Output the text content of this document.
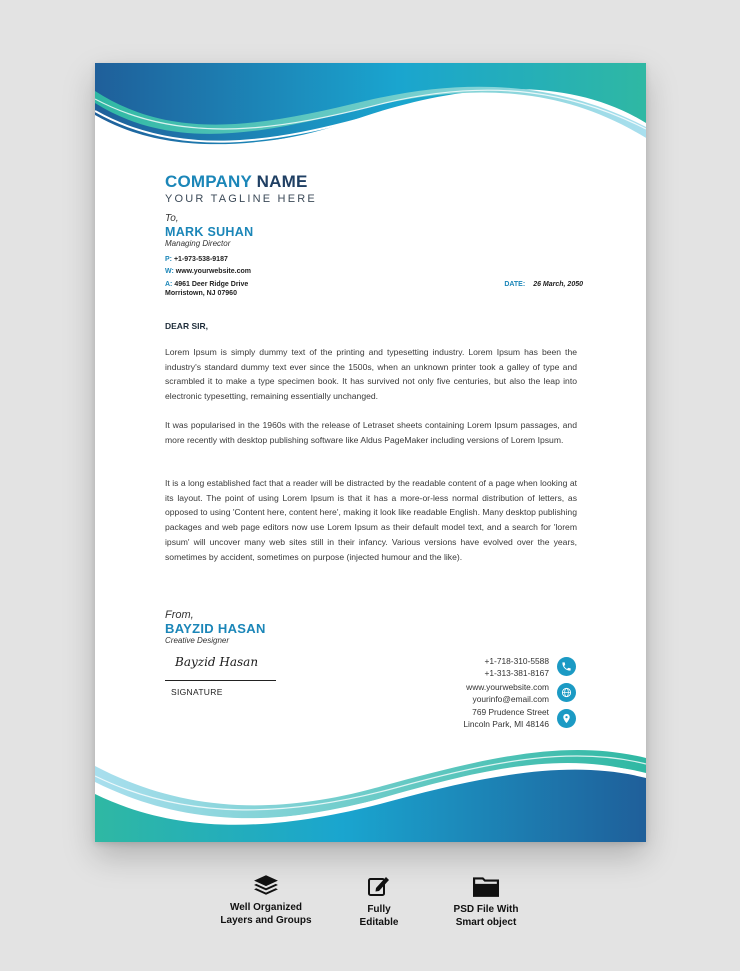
COMPANY NAME
YOUR TAGLINE HERE
To,
MARK SUHAN
Managing Director
P: +1-973-538-9187
W: www.yourwebsite.com
A: 4961 Deer Ridge Drive
Morristown, NJ 07960
DATE: 26 March, 2050
DEAR SIR,
Lorem Ipsum is simply dummy text of the printing and typesetting industry. Lorem Ipsum has been the industry's standard dummy text ever since the 1500s, when an unknown printer took a galley of type and scrambled it to make a type specimen book. It has survived not only five centuries, but also the leap into electronic typesetting, remaining essentially unchanged.
It was popularised in the 1960s with the release of Letraset sheets containing Lorem Ipsum passages, and more recently with desktop publishing software like Aldus PageMaker including versions of Lorem Ipsum.
It is a long established fact that a reader will be distracted by the readable content of a page when looking at its layout. The point of using Lorem Ipsum is that it has a more-or-less normal distribution of letters, as opposed to using 'Content here, content here', making it look like readable English. Many desktop publishing packages and web page editors now use Lorem Ipsum as their default model text, and a search for 'lorem ipsum' will uncover many web sites still in their infancy. Various versions have evolved over the years, sometimes by accident, sometimes on purpose (injected humour and the like).
From,
BAYZID HASAN
Creative Designer
Bayzid Hasan
SIGNATURE
+1-718-310-5588
+1-313-381-8167
www.yourwebsite.com
yourinfo@email.com
769 Prudence Street
Lincoln Park, MI 48146
Well Organized
Layers and Groups
Fully
Editable
PSD File With
Smart object
